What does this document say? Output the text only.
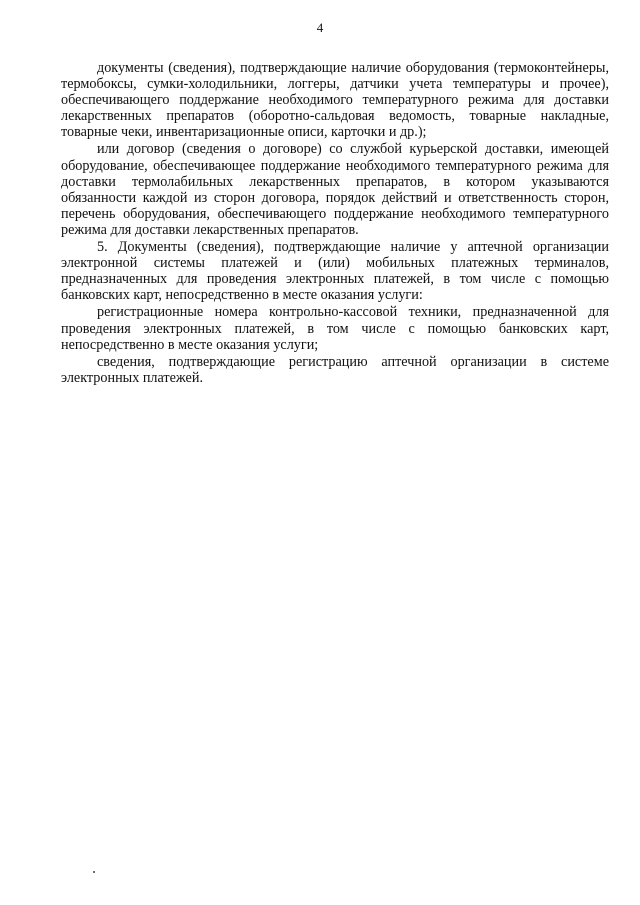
4

документы (сведения), подтверждающие наличие оборудования (термоконтейнеры, термобоксы, сумки-холодильники, логгеры, датчики учета температуры и прочее), обеспечивающего поддержание необходимого температурного режима для доставки лекарственных препаратов (оборотно-сальдовая ведомость, товарные накладные, товарные чеки, инвентаризационные описи, карточки и др.);

или договор (сведения о договоре) со службой курьерской доставки, имеющей оборудование, обеспечивающее поддержание необходимого температурного режима для доставки термолабильных лекарственных препаратов, в котором указываются обязанности каждой из сторон договора, порядок действий и ответственность сторон, перечень оборудования, обеспечивающего поддержание необходимого температурного режима для доставки лекарственных препаратов.

5. Документы (сведения), подтверждающие наличие у аптечной организации электронной системы платежей и (или) мобильных платежных терминалов, предназначенных для проведения электронных платежей, в том числе с помощью банковских карт, непосредственно в месте оказания услуги:

регистрационные номера контрольно-кассовой техники, предназначенной для проведения электронных платежей, в том числе с помощью банковских карт, непосредственно в месте оказания услуги;

сведения, подтверждающие регистрацию аптечной организации в системе электронных платежей.
